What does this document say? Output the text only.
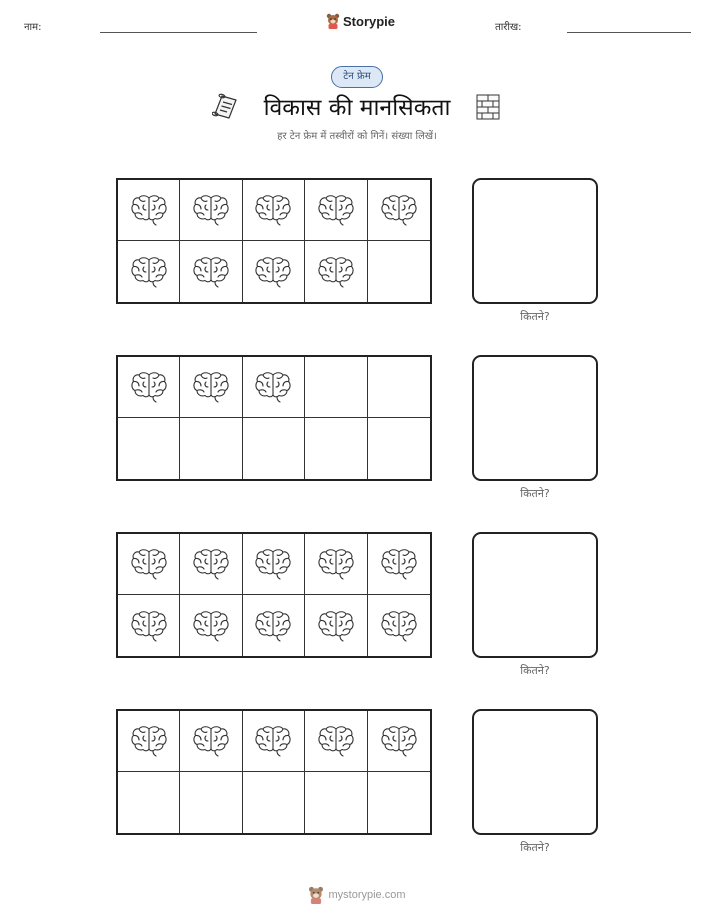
नाम:	Storypie	तारीख:
टेन फ्रेम
विकास की मानसिकता
हर टेन फ्रेम में तस्वीरों को गिनें। संख्या लिखें।
कितने?
कितने?
कितने?
कितने?
mystorypie.com
